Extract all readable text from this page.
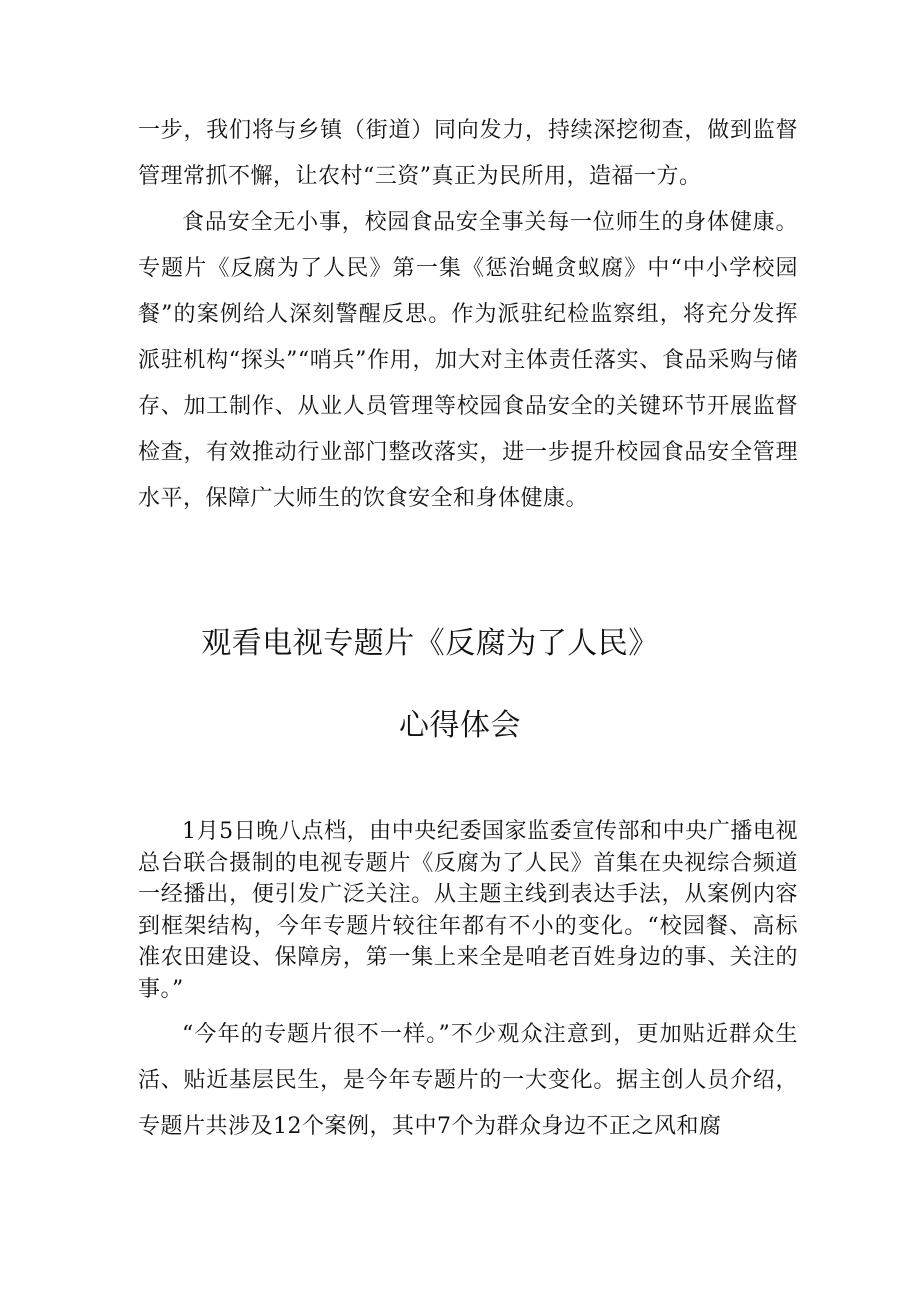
一步，我们将与乡镇（街道）同向发力，持续深挖彻查，做到监督管理常抓不懈，让农村“三资”真正为民所用，造福一方。

食品安全无小事，校园食品安全事关每一位师生的身体健康。专题片《反腐为了人民》第一集《惩治蝇贪蚁腐》中“中小学校园餐”的案例给人深刻警醒反思。作为派驻纪检监察组，将充分发挥派驻机构“探头”“哨兵”作用，加大对主体责任落实、食品采购与储存、加工制作、从业人员管理等校园食品安全的关键环节开展监督检查，有效推动行业部门整改落实，进一步提升校园食品安全管理水平，保障广大师生的饮食安全和身体健康。

观看电视专题片《反腐为了人民》
心得体会

1月5日晚八点档，由中央纪委国家监委宣传部和中央广播电视总台联合摄制的电视专题片《反腐为了人民》首集在央视综合频道一经播出，便引发广泛关注。从主题主线到表达手法，从案例内容到框架结构，今年专题片较往年都有不小的变化。“校园餐、高标准农田建设、保障房，第一集上来全是咱老百姓身边的事、关注的事。”

“今年的专题片很不一样。”不少观众注意到，更加贴近群众生活、贴近基层民生，是今年专题片的一大变化。据主创人员介绍，专题片共涉及12个案例，其中7个为群众身边不正之风和腐
